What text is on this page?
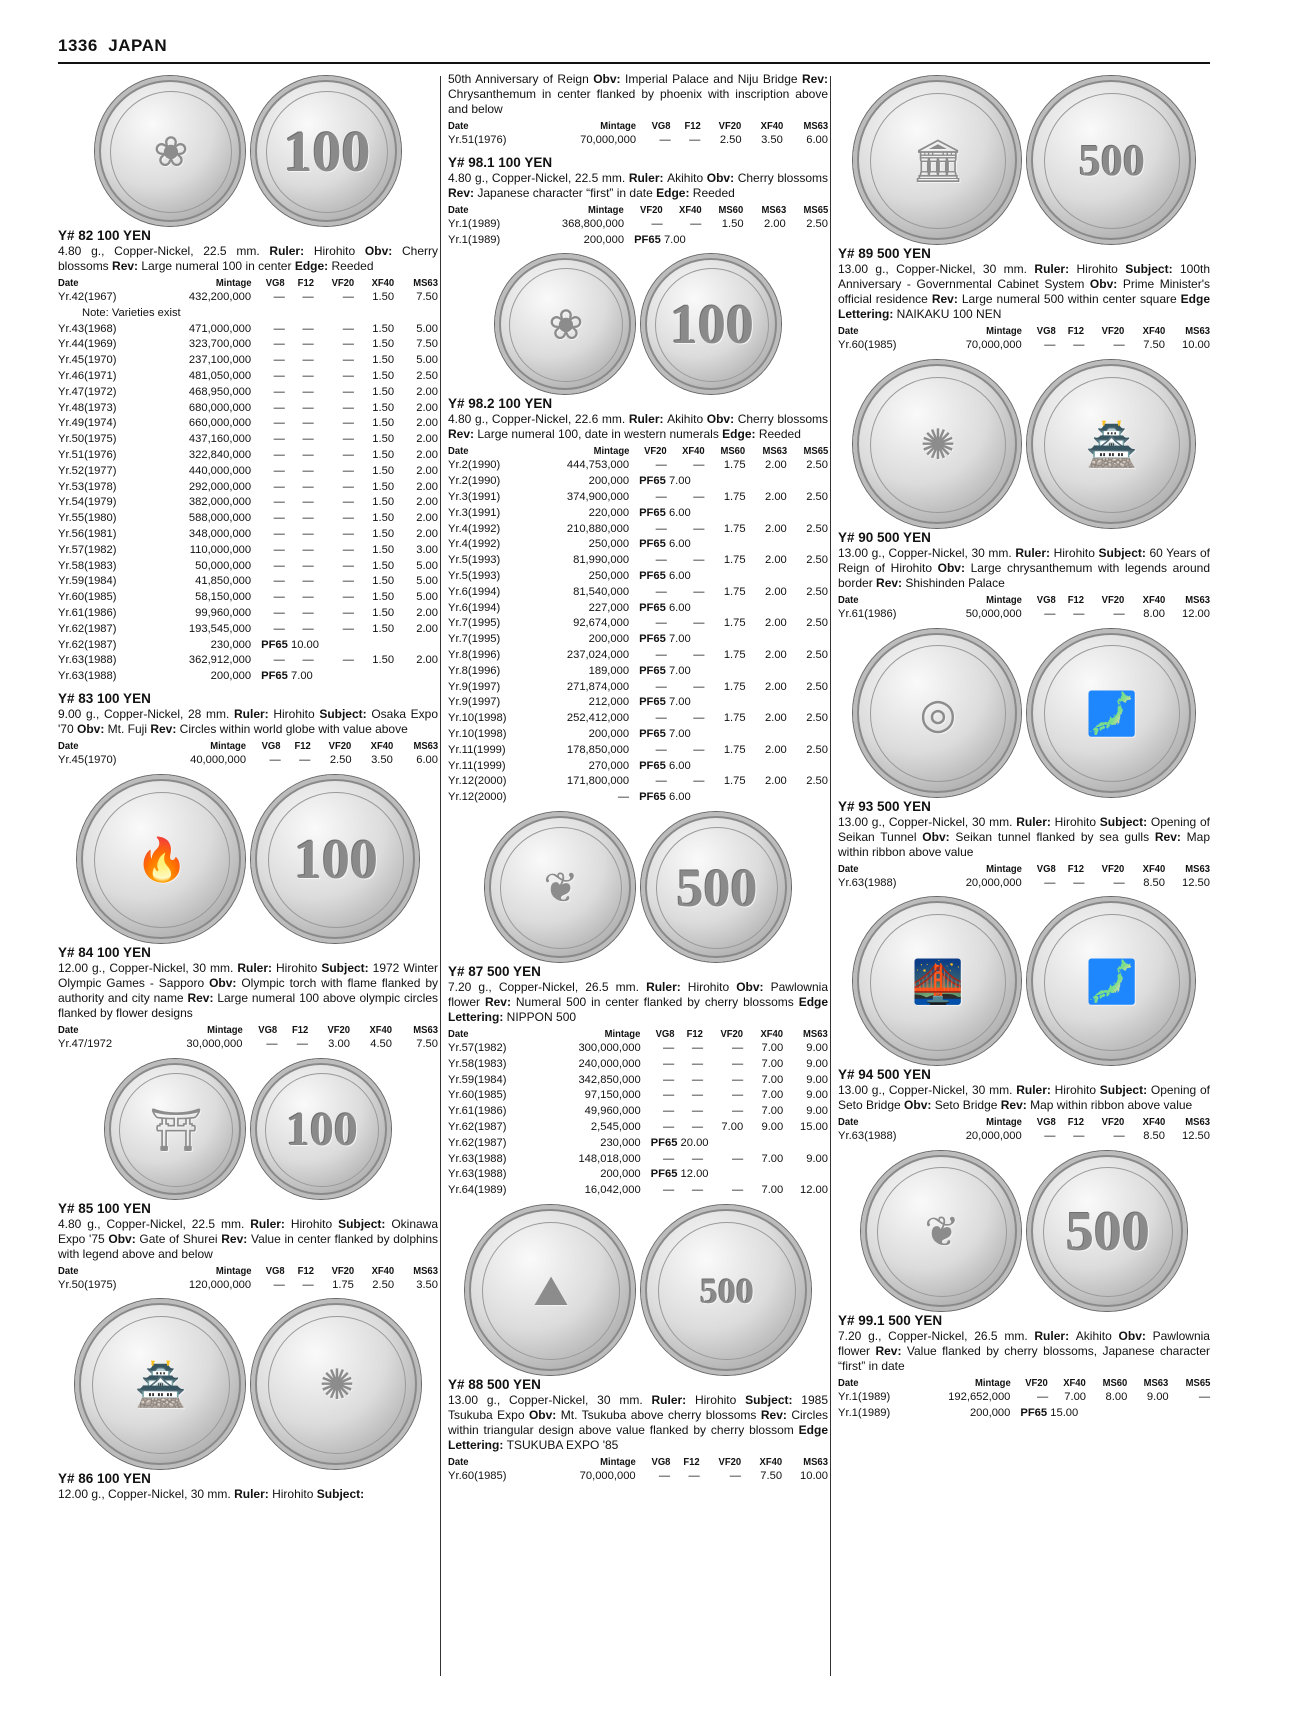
1336 JAPAN
❀ 100
Y# 82 100 YEN
4.80 g., Copper-Nickel, 22.5 mm. Ruler: Hirohito Obv: Cherry blossoms Rev: Large numeral 100 in center Edge: Reeded
Date	Mintage	VG8	F12	VF20	XF40	MS63
Yr.42(1967)	432,200,000	—	—	—	1.50	7.50
Note: Varieties exist						
Yr.43(1968)	471,000,000	—	—	—	1.50	5.00
Yr.44(1969)	323,700,000	—	—	—	1.50	7.50
Yr.45(1970)	237,100,000	—	—	—	1.50	5.00
Yr.46(1971)	481,050,000	—	—	—	1.50	2.50
Yr.47(1972)	468,950,000	—	—	—	1.50	2.00
Yr.48(1973)	680,000,000	—	—	—	1.50	2.00
Yr.49(1974)	660,000,000	—	—	—	1.50	2.00
Yr.50(1975)	437,160,000	—	—	—	1.50	2.00
Yr.51(1976)	322,840,000	—	—	—	1.50	2.00
Yr.52(1977)	440,000,000	—	—	—	1.50	2.00
Yr.53(1978)	292,000,000	—	—	—	1.50	2.00
Yr.54(1979)	382,000,000	—	—	—	1.50	2.00
Yr.55(1980)	588,000,000	—	—	—	1.50	2.00
Yr.56(1981)	348,000,000	—	—	—	1.50	2.00
Yr.57(1982)	110,000,000	—	—	—	1.50	3.00
Yr.58(1983)	50,000,000	—	—	—	1.50	5.00
Yr.59(1984)	41,850,000	—	—	—	1.50	5.00
Yr.60(1985)	58,150,000	—	—	—	1.50	5.00
Yr.61(1986)	99,960,000	—	—	—	1.50	2.00
Yr.62(1987)	193,545,000	—	—	—	1.50	2.00
Yr.62(1987)	230,000	PF65 10.00				
Yr.63(1988)	362,912,000	—	—	—	1.50	2.00
Yr.63(1988)	200,000	PF65 7.00				
Y# 83 100 YEN
9.00 g., Copper-Nickel, 28 mm. Ruler: Hirohito Subject: Osaka Expo '70 Obv: Mt. Fuji Rev: Circles within world globe with value above
Date	Mintage	VG8	F12	VF20	XF40	MS63
Yr.45(1970)	40,000,000	—	—	2.50	3.50	6.00
🔥 100
Y# 84 100 YEN
12.00 g., Copper-Nickel, 30 mm. Ruler: Hirohito Subject: 1972 Winter Olympic Games - Sapporo Obv: Olympic torch with flame flanked by authority and city name Rev: Large numeral 100 above olympic circles flanked by flower designs
Date	Mintage	VG8	F12	VF20	XF40	MS63
Yr.47/1972	30,000,000	—	—	3.00	4.50	7.50
⛩ 100
Y# 85 100 YEN
4.80 g., Copper-Nickel, 22.5 mm. Ruler: Hirohito Subject: Okinawa Expo '75 Obv: Gate of Shurei Rev: Value in center flanked by dolphins with legend above and below
Date	Mintage	VG8	F12	VF20	XF40	MS63
Yr.50(1975)	120,000,000	—	—	1.75	2.50	3.50
🏯	✺
Y# 86 100 YEN
12.00 g., Copper-Nickel, 30 mm. Ruler: Hirohito Subject:
50th Anniversary of Reign Obv: Imperial Palace and Niju Bridge Rev: Chrysanthemum in center flanked by phoenix with inscription above and below
Date	Mintage	VG8	F12	VF20	XF40	MS63
Yr.51(1976)	70,000,000	—	—	2.50	3.50	6.00
Y# 98.1 100 YEN
4.80 g., Copper-Nickel, 22.5 mm. Ruler: Akihito Obv: Cherry blossoms Rev: Japanese character “first” in date Edge: Reeded
Date	Mintage	VF20	XF40	MS60	MS63	MS65
Yr.1(1989)	368,800,000	—	—	1.50	2.00	2.50
Yr.1(1989)	200,000	PF65 7.00				
❀ 100
Y# 98.2 100 YEN
4.80 g., Copper-Nickel, 22.6 mm. Ruler: Akihito Obv: Cherry blossoms Rev: Large numeral 100, date in western numerals Edge: Reeded
Date	Mintage	VF20	XF40	MS60	MS63	MS65
Yr.2(1990)	444,753,000	—	—	1.75	2.00	2.50
Yr.2(1990)	200,000	PF65 7.00				
Yr.3(1991)	374,900,000	—	—	1.75	2.00	2.50
Yr.3(1991)	220,000	PF65 6.00				
Yr.4(1992)	210,880,000	—	—	1.75	2.00	2.50
Yr.4(1992)	250,000	PF65 6.00				
Yr.5(1993)	81,990,000	—	—	1.75	2.00	2.50
Yr.5(1993)	250,000	PF65 6.00				
Yr.6(1994)	81,540,000	—	—	1.75	2.00	2.50
Yr.6(1994)	227,000	PF65 6.00				
Yr.7(1995)	92,674,000	—	—	1.75	2.00	2.50
Yr.7(1995)	200,000	PF65 7.00				
Yr.8(1996)	237,024,000	—	—	1.75	2.00	2.50
Yr.8(1996)	189,000	PF65 7.00				
Yr.9(1997)	271,874,000	—	—	1.75	2.00	2.50
Yr.9(1997)	212,000	PF65 7.00				
Yr.10(1998)	252,412,000	—	—	1.75	2.00	2.50
Yr.10(1998)	200,000	PF65 7.00				
Yr.11(1999)	178,850,000	—	—	1.75	2.00	2.50
Yr.11(1999)	270,000	PF65 6.00				
Yr.12(2000)	171,800,000	—	—	1.75	2.00	2.50
Yr.12(2000)	—	PF65 6.00				
❦ 500
Y# 87 500 YEN
7.20 g., Copper-Nickel, 26.5 mm. Ruler: Hirohito Obv: Pawlownia flower Rev: Numeral 500 in center flanked by cherry blossoms Edge Lettering: NIPPON 500
Date	Mintage	VG8	F12	VF20	XF40	MS63
Yr.57(1982)	300,000,000	—	—	—	7.00	9.00
Yr.58(1983)	240,000,000	—	—	—	7.00	9.00
Yr.59(1984)	342,850,000	—	—	—	7.00	9.00
Yr.60(1985)	97,150,000	—	—	—	7.00	9.00
Yr.61(1986)	49,960,000	—	—	—	7.00	9.00
Yr.62(1987)	2,545,000	—	—	7.00	9.00	15.00
Yr.62(1987)	230,000	PF65 20.00				
Yr.63(1988)	148,018,000	—	—	—	7.00	9.00
Yr.63(1988)	200,000	PF65 12.00				
Yr.64(1989)	16,042,000	—	—	—	7.00	12.00
⛰	500
Y# 88 500 YEN
13.00 g., Copper-Nickel, 30 mm. Ruler: Hirohito Subject: 1985 Tsukuba Expo Obv: Mt. Tsukuba above cherry blossoms Rev: Circles within triangular design above value flanked by cherry blossom Edge Lettering: TSUKUBA EXPO '85
Date	Mintage	VG8	F12	VF20	XF40	MS63
Yr.60(1985)	70,000,000	—	—	—	7.50	10.00
🏛	500
Y# 89 500 YEN
13.00 g., Copper-Nickel, 30 mm. Ruler: Hirohito Subject: 100th Anniversary - Governmental Cabinet System Obv: Prime Minister's official residence Rev: Large numeral 500 within center square Edge Lettering: NAIKAKU 100 NEN
Date	Mintage	VG8	F12	VF20	XF40	MS63
Yr.60(1985)	70,000,000	—	—	—	7.50	10.00
✺	🏯
Y# 90 500 YEN
13.00 g., Copper-Nickel, 30 mm. Ruler: Hirohito Subject: 60 Years of Reign of Hirohito Obv: Large chrysanthemum with legends around border Rev: Shishinden Palace
Date	Mintage	VG8	F12	VF20	XF40	MS63
Yr.61(1986)	50,000,000	—	—	—	8.00	12.00
◎	🗾
Y# 93 500 YEN
13.00 g., Copper-Nickel, 30 mm. Ruler: Hirohito Subject: Opening of Seikan Tunnel Obv: Seikan tunnel flanked by sea gulls Rev: Map within ribbon above value
Date	Mintage	VG8	F12	VF20	XF40	MS63
Yr.63(1988)	20,000,000	—	—	—	8.50	12.50
🌉	🗾
Y# 94 500 YEN
13.00 g., Copper-Nickel, 30 mm. Ruler: Hirohito Subject: Opening of Seto Bridge Obv: Seto Bridge Rev: Map within ribbon above value
Date	Mintage	VG8	F12	VF20	XF40	MS63
Yr.63(1988)	20,000,000	—	—	—	8.50	12.50
❦ 500
Y# 99.1 500 YEN
7.20 g., Copper-Nickel, 26.5 mm. Ruler: Akihito Obv: Pawlownia flower Rev: Value flanked by cherry blossoms, Japanese character “first” in date
Date	Mintage	VF20	XF40	MS60	MS63	MS65
Yr.1(1989)	192,652,000	—	7.00	8.00	9.00	—
Yr.1(1989)	200,000	PF65 15.00				
